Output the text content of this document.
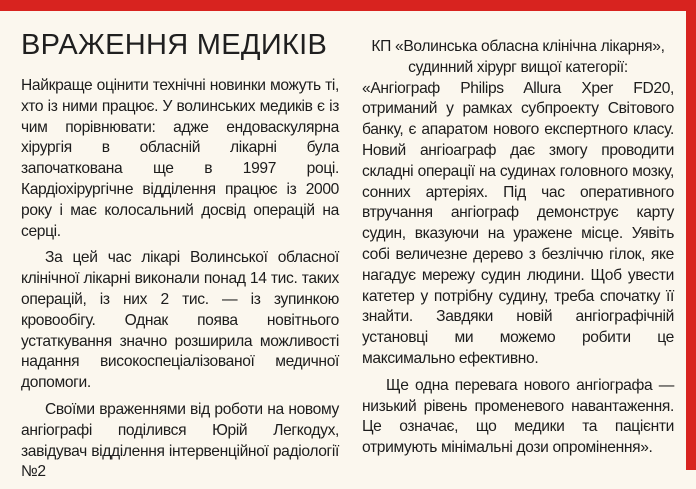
ВРАЖЕННЯ МЕДИКІВ

Найкраще оцінити технічні новинки можуть ті, хто із ними працює. У волинських медиків є із чим порівнювати: адже ендоваскулярна хірургія в обласній лікарні була започаткована ще в 1997 році. Кардіохірургічне відділення працює із 2000 року і має колосальний досвід операцій на серці.

За цей час лікарі Волинської обласної клінічної лікарні виконали понад 14 тис. таких операцій, із них 2 тис. — із зупинкою кровообігу. Однак поява новітнього устаткування значно розширила можливості надання високоспеціалізованої медичної допомоги.

Своїми враженнями від роботи на новому ангіографі поділився Юрій Легкодух, завідувач відділення інтервенційної радіології №2

КП «Волинська обласна клінічна лікарня»,

судинний хірург вищої категорії:

«Ангіограф Philips Allura Xper FD20, отриманий у рамках субпроекту Світового банку, є апаратом нового експертного класу. Новий ангіоаграф дає змогу проводити складні операції на судинах головного мозку, сонних артеріях. Під час оперативного втручання ангіограф демонструє карту судин, вказуючи на уражене місце. Уявіть собі величезне дерево з безліччю гілок, яке нагадує мережу судин людини. Щоб увести катетер у потрібну судину, треба спочатку її знайти. Завдяки новій ангіографічній установці ми можемо робити це максимально ефективно.

Ще одна перевага нового ангіографа — низький рівень променевого навантаження. Це означає, що медики та пацієнти отримують мінімальні дози опромінення».
